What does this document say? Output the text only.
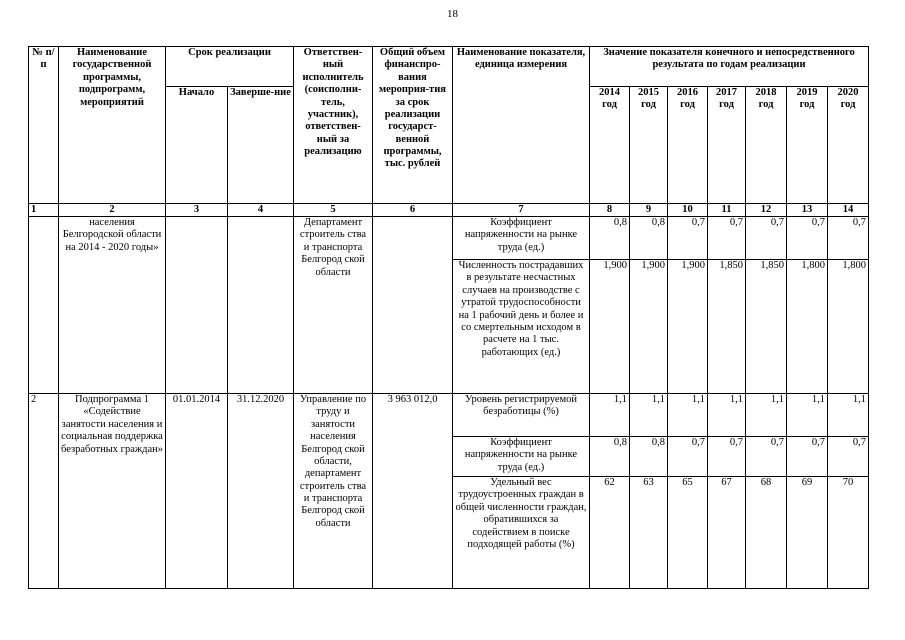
18
№ п/п	Наименование государственной программы, подпрограмм, мероприятий	Срок реализации		Ответствен-ный исполнитель (соисполни-тель, участник), ответствен-ный за реализацию	Общий объем финанспро-вания мероприя-тия за срок реализации государст-венной программы, тыс. рублей	Наименование показателя, единица измерения	Значение показателя конечного и непосредственного результата по годам реализации						
		Начало	Заверше-ние				2014 год	2015 год	2016 год	2017 год	2018 год	2019 год	2020 год
1	2	3	4	5	6	7	8	9	10	11	12	13	14
	населения Белгородской области на 2014 - 2020 годы»			Департамент строитель ства и транспорта Белгород ской области		Коэффициент напряженности на рынке труда (ед.)	0,8	0,8	0,7	0,7	0,7	0,7	0,7
						Численность пострадавших в результате несчастных случаев на производстве с утратой трудоспособности на 1 рабочий день и более и со смертельным исходом в расчете на 1 тыс. работающих (ед.)	1,900	1,900	1,900	1,850	1,850	1,800	1,800
2	Подпрограмма 1 «Содействие занятости населения и социальная поддержка безработных граждан»	01.01.2014	31.12.2020	Управление по труду и занятости населения Белгород ской области, департамент строитель ства и транспорта Белгород ской области	3 963 012,0	Уровень регистрируемой безработицы (%)	1,1	1,1	1,1	1,1	1,1	1,1	1,1
						Коэффициент напряженности на рынке труда (ед.)	0,8	0,8	0,7	0,7	0,7	0,7	0,7
						Удельный вес трудоустроенных граждан в общей численности граждан, обратившихся за содействием в поиске подходящей работы (%)	62	63	65	67	68	69	70
